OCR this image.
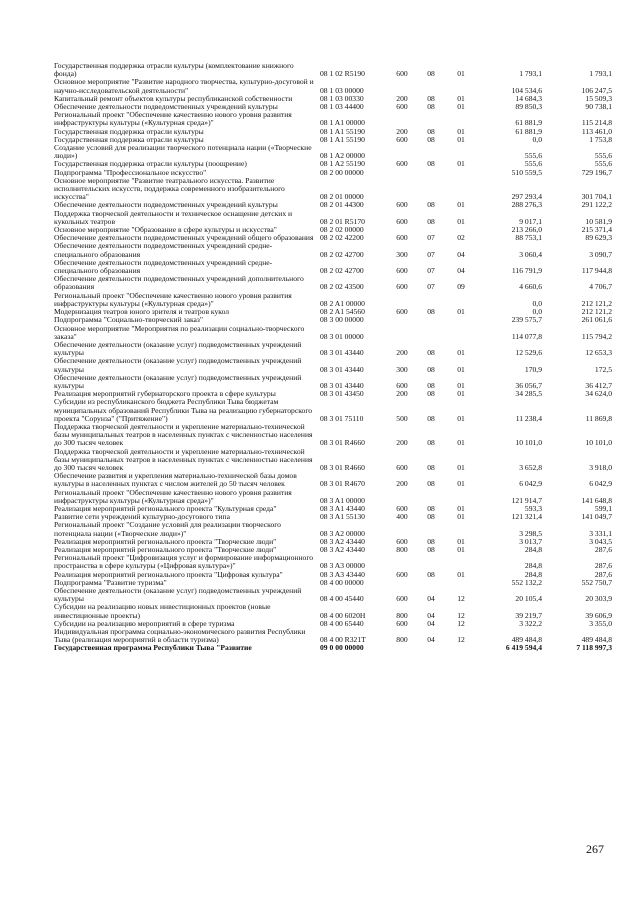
Государственная поддержка отрасли культуры (комплектование книжного фонда)	08 1 02 R5190	600	08	01	1 793,1	1 793,1
Основное мероприятие "Развитие народного творчества, культурно-досуговой и научно-исследовательской деятельности"	08 1 03 00000				104 534,6	106 247,5
Капитальный ремонт объектов культуры республиканской собственности	08 1 03 00330	200	08	01	14 684,3	15 509,3
Обеспечение деятельности подведомственных учреждений культуры	08 1 03 44400	600	08	01	89 850,3	90 738,1
Региональный проект "Обеспечение качественно нового уровня развития инфраструктуры культуры («Культурная среда»)"	08 1 A1 00000				61 881,9	115 214,8
Государственная поддержка отрасли культуры	08 1 A1 55190	200	08	01	61 881,9	113 461,0
Государственная поддержка отрасли культуры	08 1 A1 55190	600	08	01	0,0	1 753,8
Создание условий для реализации творческого потенциала нации («Творческие люди»)	08 1 A2 00000				555,6	555,6
Государственная поддержка отрасли культуры (поощрение)	08 1 A2 55190	600	08	01	555,6	555,6
Подпрограмма "Профессиональное искусство"	08 2 00 00000				510 559,5	729 196,7
Основное мероприятие "Развитие театрального искусства. Развитие исполнительских искусств, поддержка современного изобразительного искусства"	08 2 01 00000				297 293,4	301 704,1
Обеспечение деятельности подведомственных учреждений культуры	08 2 01 44300	600	08	01	288 276,3	291 122,2
Поддержка творческой деятельности и техническое оснащение детских и кукольных театров	08 2 01 R5170	600	08	01	9 017,1	10 581,9
Основное мероприятие "Образование в сфере культуры и искусства"	08 2 02 00000				213 266,0	215 371,4
Обеспечение деятельности подведомственных учреждений общего образования	08 2 02 42200	600	07	02	88 753,1	89 629,3
Обеспечение деятельности подведомственных учреждений средне-специального образования	08 2 02 42700	300	07	04	3 060,4	3 090,7
Обеспечение деятельности подведомственных учреждений средне-специального образования	08 2 02 42700	600	07	04	116 791,9	117 944,8
Обеспечение деятельности подведомственных учреждений дополнительного образования	08 2 02 43500	600	07	09	4 660,6	4 706,7
Региональный проект "Обеспечение качественно нового уровня развития инфраструктуры культуры («Культурная среда»)"	08 2 A1 00000				0,0	212 121,2
Модернизация театров юного зрителя и театров кукол	08 2 A1 54560	600	08	01	0,0	212 121,2
Подпрограмма "Социально-творческий заказ"	08 3 00 00000				239 575,7	261 061,6
Основное мероприятие "Мероприятия по реализации социально-творческого заказа"	08 3 01 00000				114 077,8	115 794,2
Обеспечение деятельности (оказание услуг) подведомственных учреждений культуры	08 3 01 43440	200	08	01	12 529,6	12 653,3
Обеспечение деятельности (оказание услуг) подведомственных учреждений культуры	08 3 01 43440	300	08	01	170,9	172,5
Обеспечение деятельности (оказание услуг) подведомственных учреждений культуры	08 3 01 43440	600	08	01	36 056,7	36 412,7
Реализация мероприятий губернаторского проекта в сфере культуры	08 3 01 43450	200	08	01	34 285,5	34 624,0
Субсидии из республиканского бюджета Республики Тыва бюджетам муниципальных образований Республики Тыва на реализацию губернаторского проекта "Сорунза" ("Притяжение")	08 3 01 75110	500	08	01	11 238,4	11 869,8
Поддержка творческой деятельности и укрепление материально-технической базы муниципальных театров в населенных пунктах с численностью населения до 300 тысяч человек	08 3 01 R4660	200	08	01	10 101,0	10 101,0
Поддержка творческой деятельности и укрепление материально-технической базы муниципальных театров в населенных пунктах с численностью населения до 300 тысяч человек	08 3 01 R4660	600	08	01	3 652,8	3 918,0
Обеспечение развития и укрепления материально-технической базы домов культуры в населенных пунктах с числом жителей до 50 тысяч человек	08 3 01 R4670	200	08	01	6 042,9	6 042,9
Региональный проект "Обеспечение качественно нового уровня развития инфраструктуры культуры («Культурная среда»)"	08 3 A1 00000				121 914,7	141 648,8
Реализация мероприятий регионального проекта "Культурная среда"	08 3 A1 43440	600	08	01	593,3	599,1
Развитие сети учреждений культурно-досугового типа	08 3 A1 55130	400	08	01	121 321,4	141 049,7
Региональный проект "Создание условий для реализации творческого потенциала нации («Творческие люди»)"	08 3 A2 00000				3 298,5	3 331,1
Реализация мероприятий регионального проекта "Творческие люди"	08 3 A2 43440	600	08	01	3 013,7	3 043,5
Реализация мероприятий регионального проекта "Творческие люди"	08 3 A2 43440	800	08	01	284,8	287,6
Региональный проект "Цифровизация услуг и формирование информационного пространства в сфере культуры («Цифровая культура»)"	08 3 A3 00000				284,8	287,6
Реализация мероприятий регионального проекта "Цифровая культура"	08 3 A3 43440	600	08	01	284,8	287,6
Подпрограмма "Развитие туризма"	08 4 00 00000				552 132,2	552 750,7
Обеспечение деятельности (оказание услуг) подведомственных учреждений культуры	08 4 00 45440	600	04	12	20 105,4	20 303,9
Субсидии на реализацию новых инвестиционных проектов (новые инвестиционные проекты)	08 4 00 6020H	800	04	12	39 219,7	39 606,9
Субсидии на реализацию мероприятий в сфере туризма	08 4 00 65440	600	04	12	3 322,2	3 355,0
Индивидуальная программа социально-экономического развития Республики Тыва (реализация мероприятий в области туризма)	08 4 00 R321T	800	04	12	489 484,8	489 484,8
Государственная программа Республики Тыва "Развитие	09 0 00 00000				6 419 594,4	7 118 997,3
267
